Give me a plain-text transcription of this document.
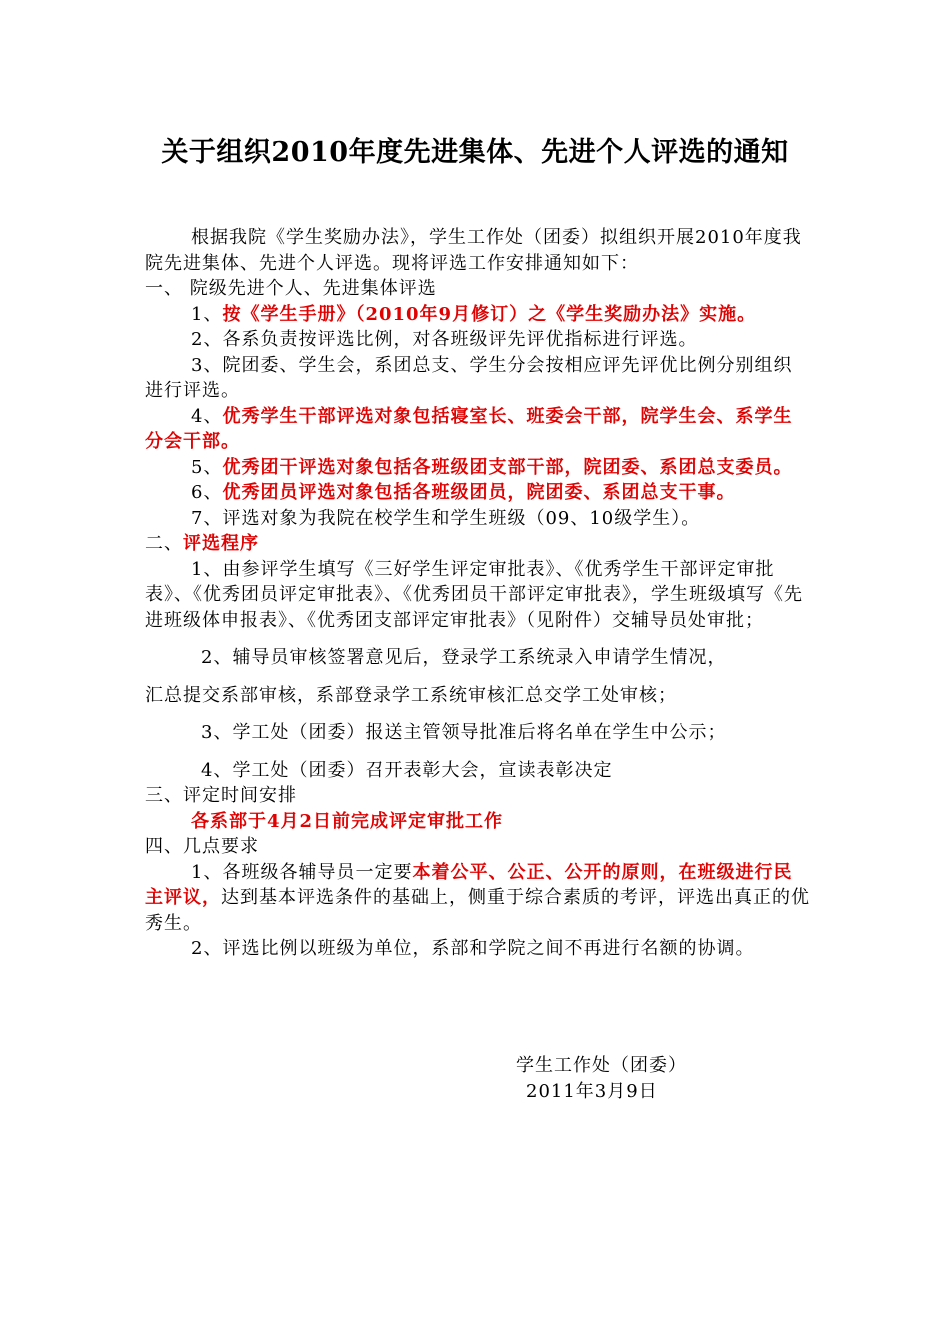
关于组织2010年度先进集体、先进个人评选的通知

根据我院《学生奖励办法》，学生工作处（团委）拟组织开展2010年度我院先进集体、先进个人评选。现将评选工作安排通知如下：

一、 院级先进个人、先进集体评选

1、按《学生手册》（2010年9月修订）之《学生奖励办法》实施。

2、各系负责按评选比例，对各班级评先评优指标进行评选。

3、院团委、学生会，系团总支、学生分会按相应评先评优比例分别组织进行评选。

4、优秀学生干部评选对象包括寝室长、班委会干部，院学生会、系学生分会干部。

5、优秀团干评选对象包括各班级团支部干部，院团委、系团总支委员。

6、优秀团员评选对象包括各班级团员，院团委、系团总支干事。

7、评选对象为我院在校学生和学生班级（09、10级学生）。

二、评选程序

1、由参评学生填写《三好学生评定审批表》、《优秀学生干部评定审批表》、《优秀团员评定审批表》、《优秀团员干部评定审批表》，学生班级填写《先进班级体申报表》、《优秀团支部评定审批表》（见附件）交辅导员处审批；

2、辅导员审核签署意见后，登录学工系统录入申请学生情况，

汇总提交系部审核，系部登录学工系统审核汇总交学工处审核；

3、学工处（团委）报送主管领导批准后将名单在学生中公示；

4、学工处（团委）召开表彰大会，宣读表彰决定

三、评定时间安排

各系部于4月2日前完成评定审批工作

四、几点要求

1、各班级各辅导员一定要本着公平、公正、公开的原则，在班级进行民主评议，达到基本评选条件的基础上，侧重于综合素质的考评，评选出真正的优秀生。

2、评选比例以班级为单位，系部和学院之间不再进行名额的协调。

学生工作处（团委）
2011年3月9日
